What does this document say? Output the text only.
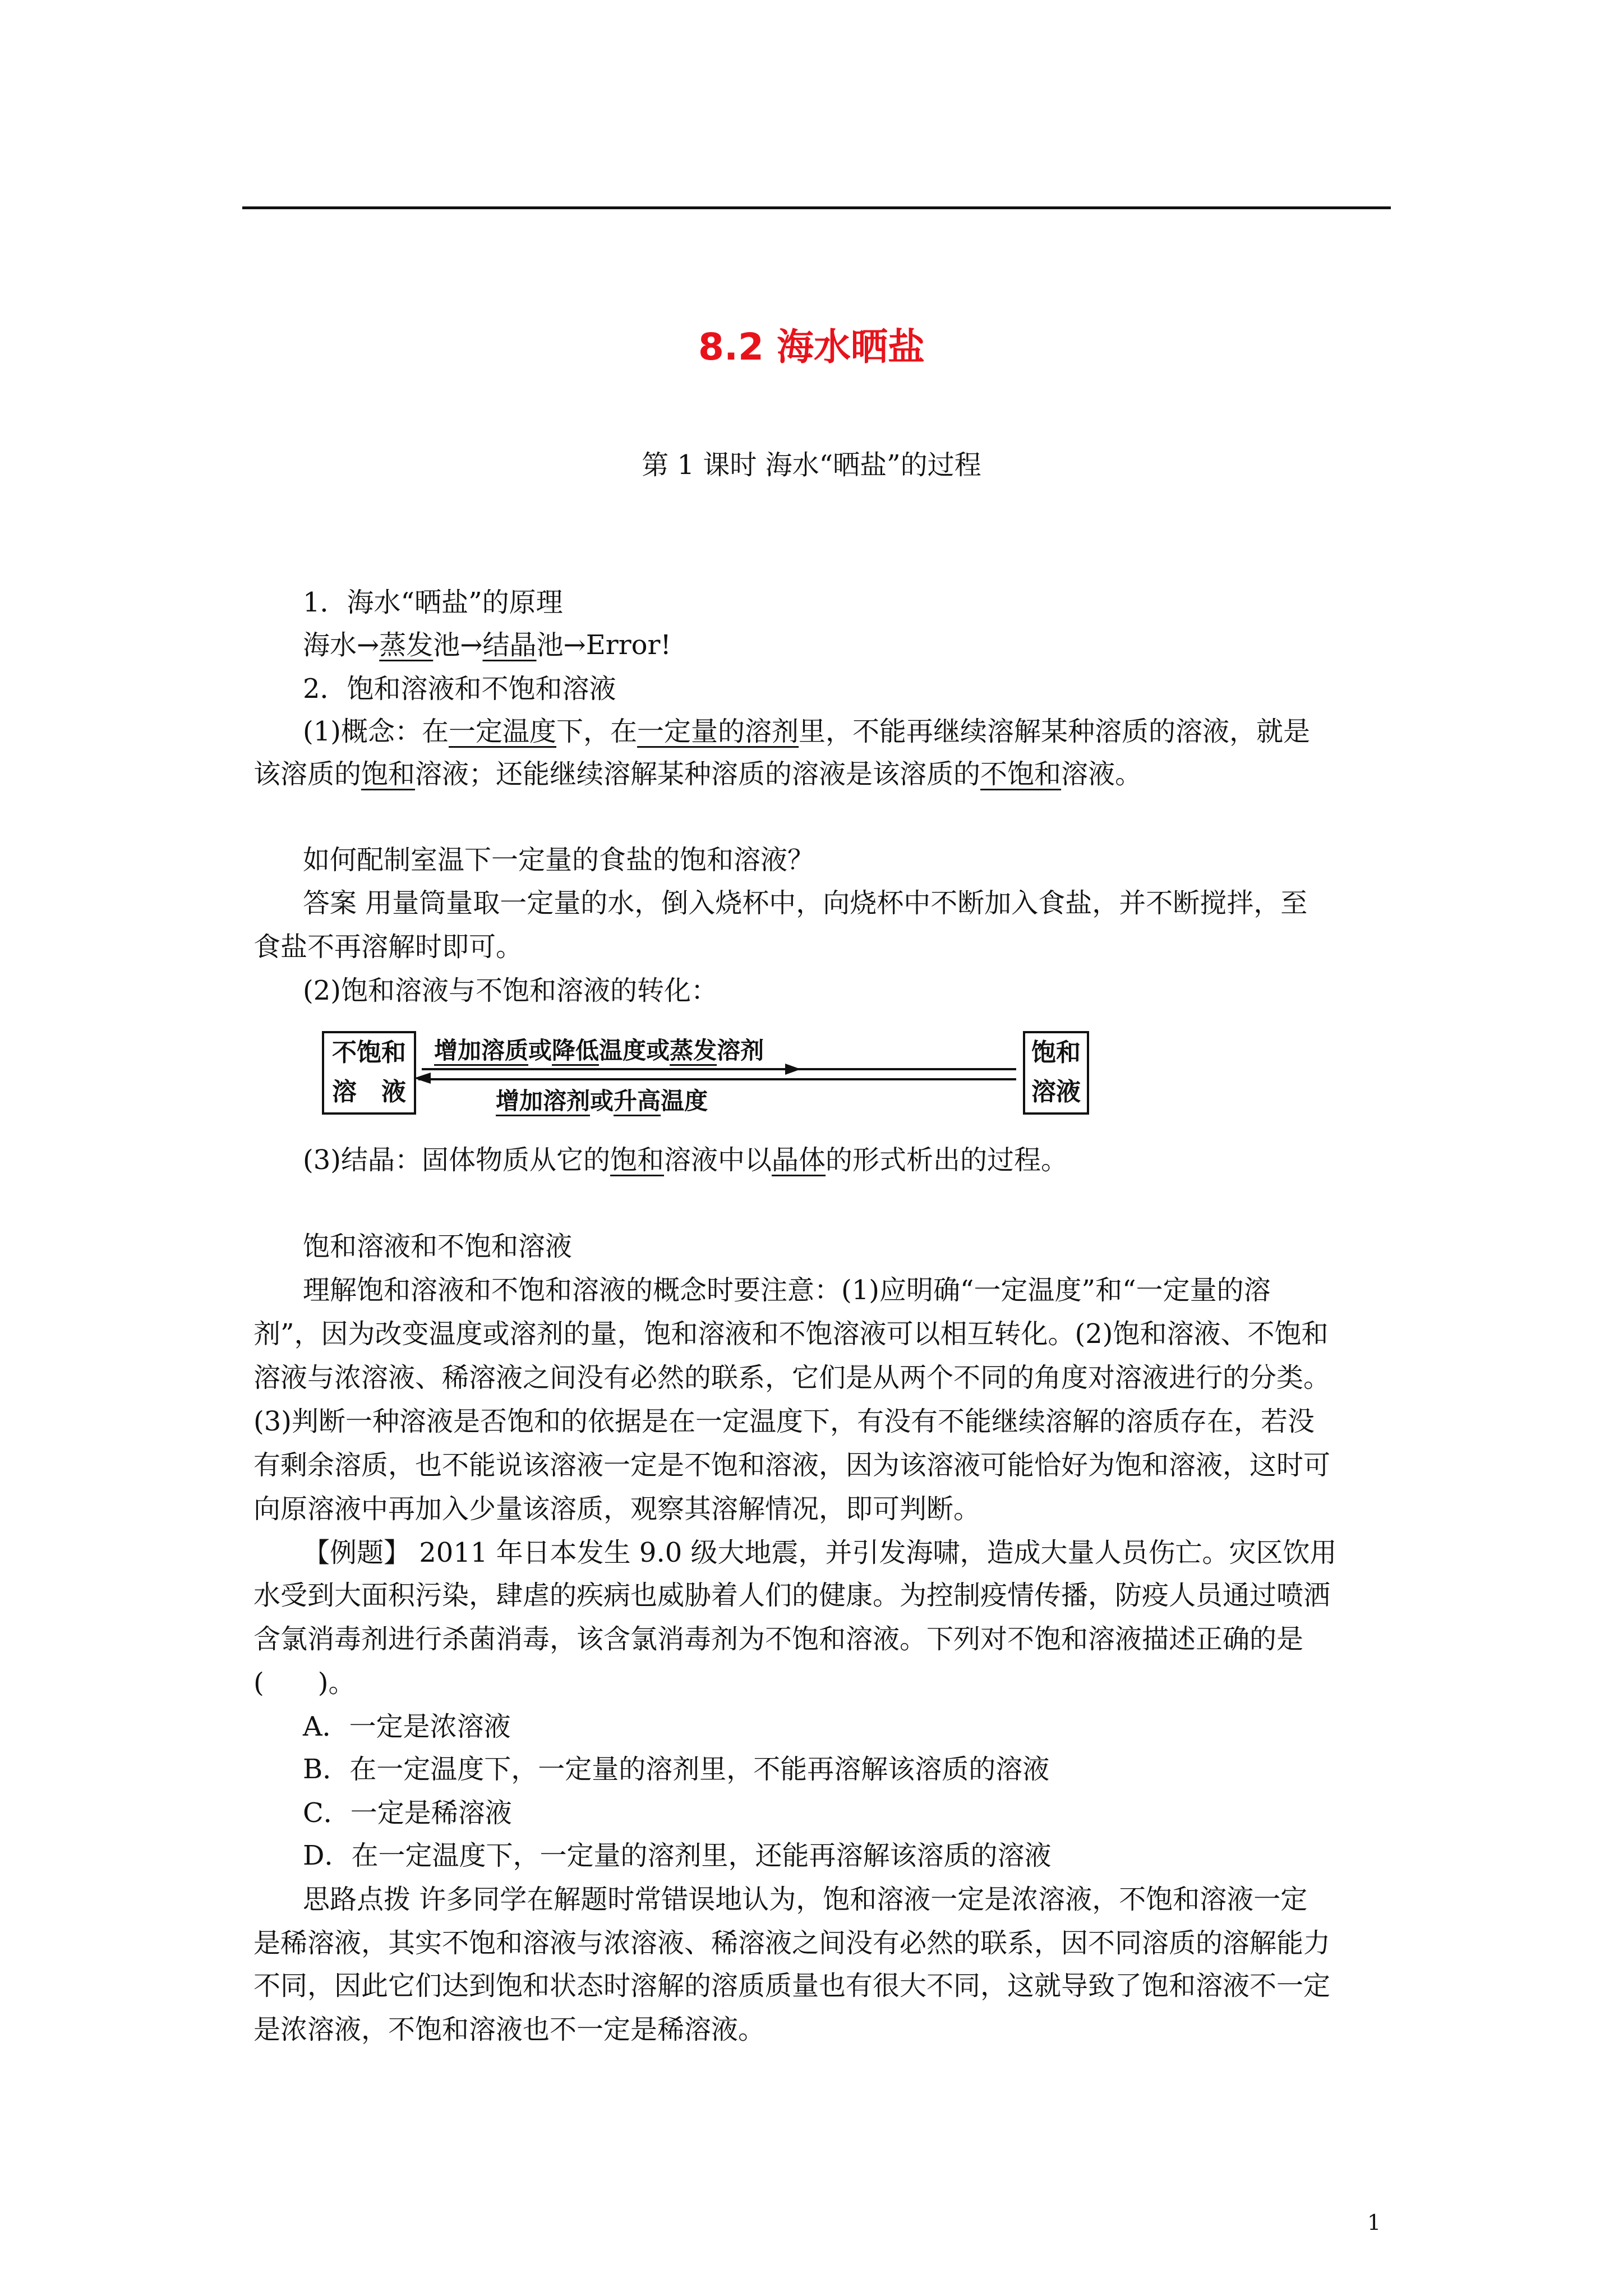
8.2 海水晒盐
第 1 课时 海水“晒盐”的过程
1．海水“晒盐”的原理
海水→蒸发池→结晶池→Error!
2．饱和溶液和不饱和溶液
(1)概念：在一定温度下，在一定量的溶剂里，不能再继续溶解某种溶质的溶液，就是
该溶质的饱和溶液；还能继续溶解某种溶质的溶液是该溶质的不饱和溶液。
如何配制室温下一定量的食盐的饱和溶液？
答案 用量筒量取一定量的水，倒入烧杯中，向烧杯中不断加入食盐，并不断搅拌，至
食盐不再溶解时即可。
(2)饱和溶液与不饱和溶液的转化：
不饱和
溶　液
增加溶质或降低温度或蒸发溶剂
增加溶剂或升高温度
饱和
溶液
(3)结晶：固体物质从它的饱和溶液中以晶体的形式析出的过程。
饱和溶液和不饱和溶液
理解饱和溶液和不饱和溶液的概念时要注意：(1)应明确“一定温度”和“一定量的溶
剂”，因为改变温度或溶剂的量，饱和溶液和不饱溶液可以相互转化。(2)饱和溶液、不饱和
溶液与浓溶液、稀溶液之间没有必然的联系，它们是从两个不同的角度对溶液进行的分类。
(3)判断一种溶液是否饱和的依据是在一定温度下，有没有不能继续溶解的溶质存在，若没
有剩余溶质，也不能说该溶液一定是不饱和溶液，因为该溶液可能恰好为饱和溶液，这时可
向原溶液中再加入少量该溶质，观察其溶解情况，即可判断。
【例题】 2011 年日本发生 9.0 级大地震，并引发海啸，造成大量人员伤亡。灾区饮用
水受到大面积污染，肆虐的疾病也威胁着人们的健康。为控制疫情传播，防疫人员通过喷洒
含氯消毒剂进行杀菌消毒，该含氯消毒剂为不饱和溶液。下列对不饱和溶液描述正确的是
(　　)。
A．一定是浓溶液
B．在一定温度下，一定量的溶剂里，不能再溶解该溶质的溶液
C．一定是稀溶液
D．在一定温度下，一定量的溶剂里，还能再溶解该溶质的溶液
思路点拨 许多同学在解题时常错误地认为，饱和溶液一定是浓溶液，不饱和溶液一定
是稀溶液，其实不饱和溶液与浓溶液、稀溶液之间没有必然的联系，因不同溶质的溶解能力
不同，因此它们达到饱和状态时溶解的溶质质量也有很大不同，这就导致了饱和溶液不一定
是浓溶液，不饱和溶液也不一定是稀溶液。
1
